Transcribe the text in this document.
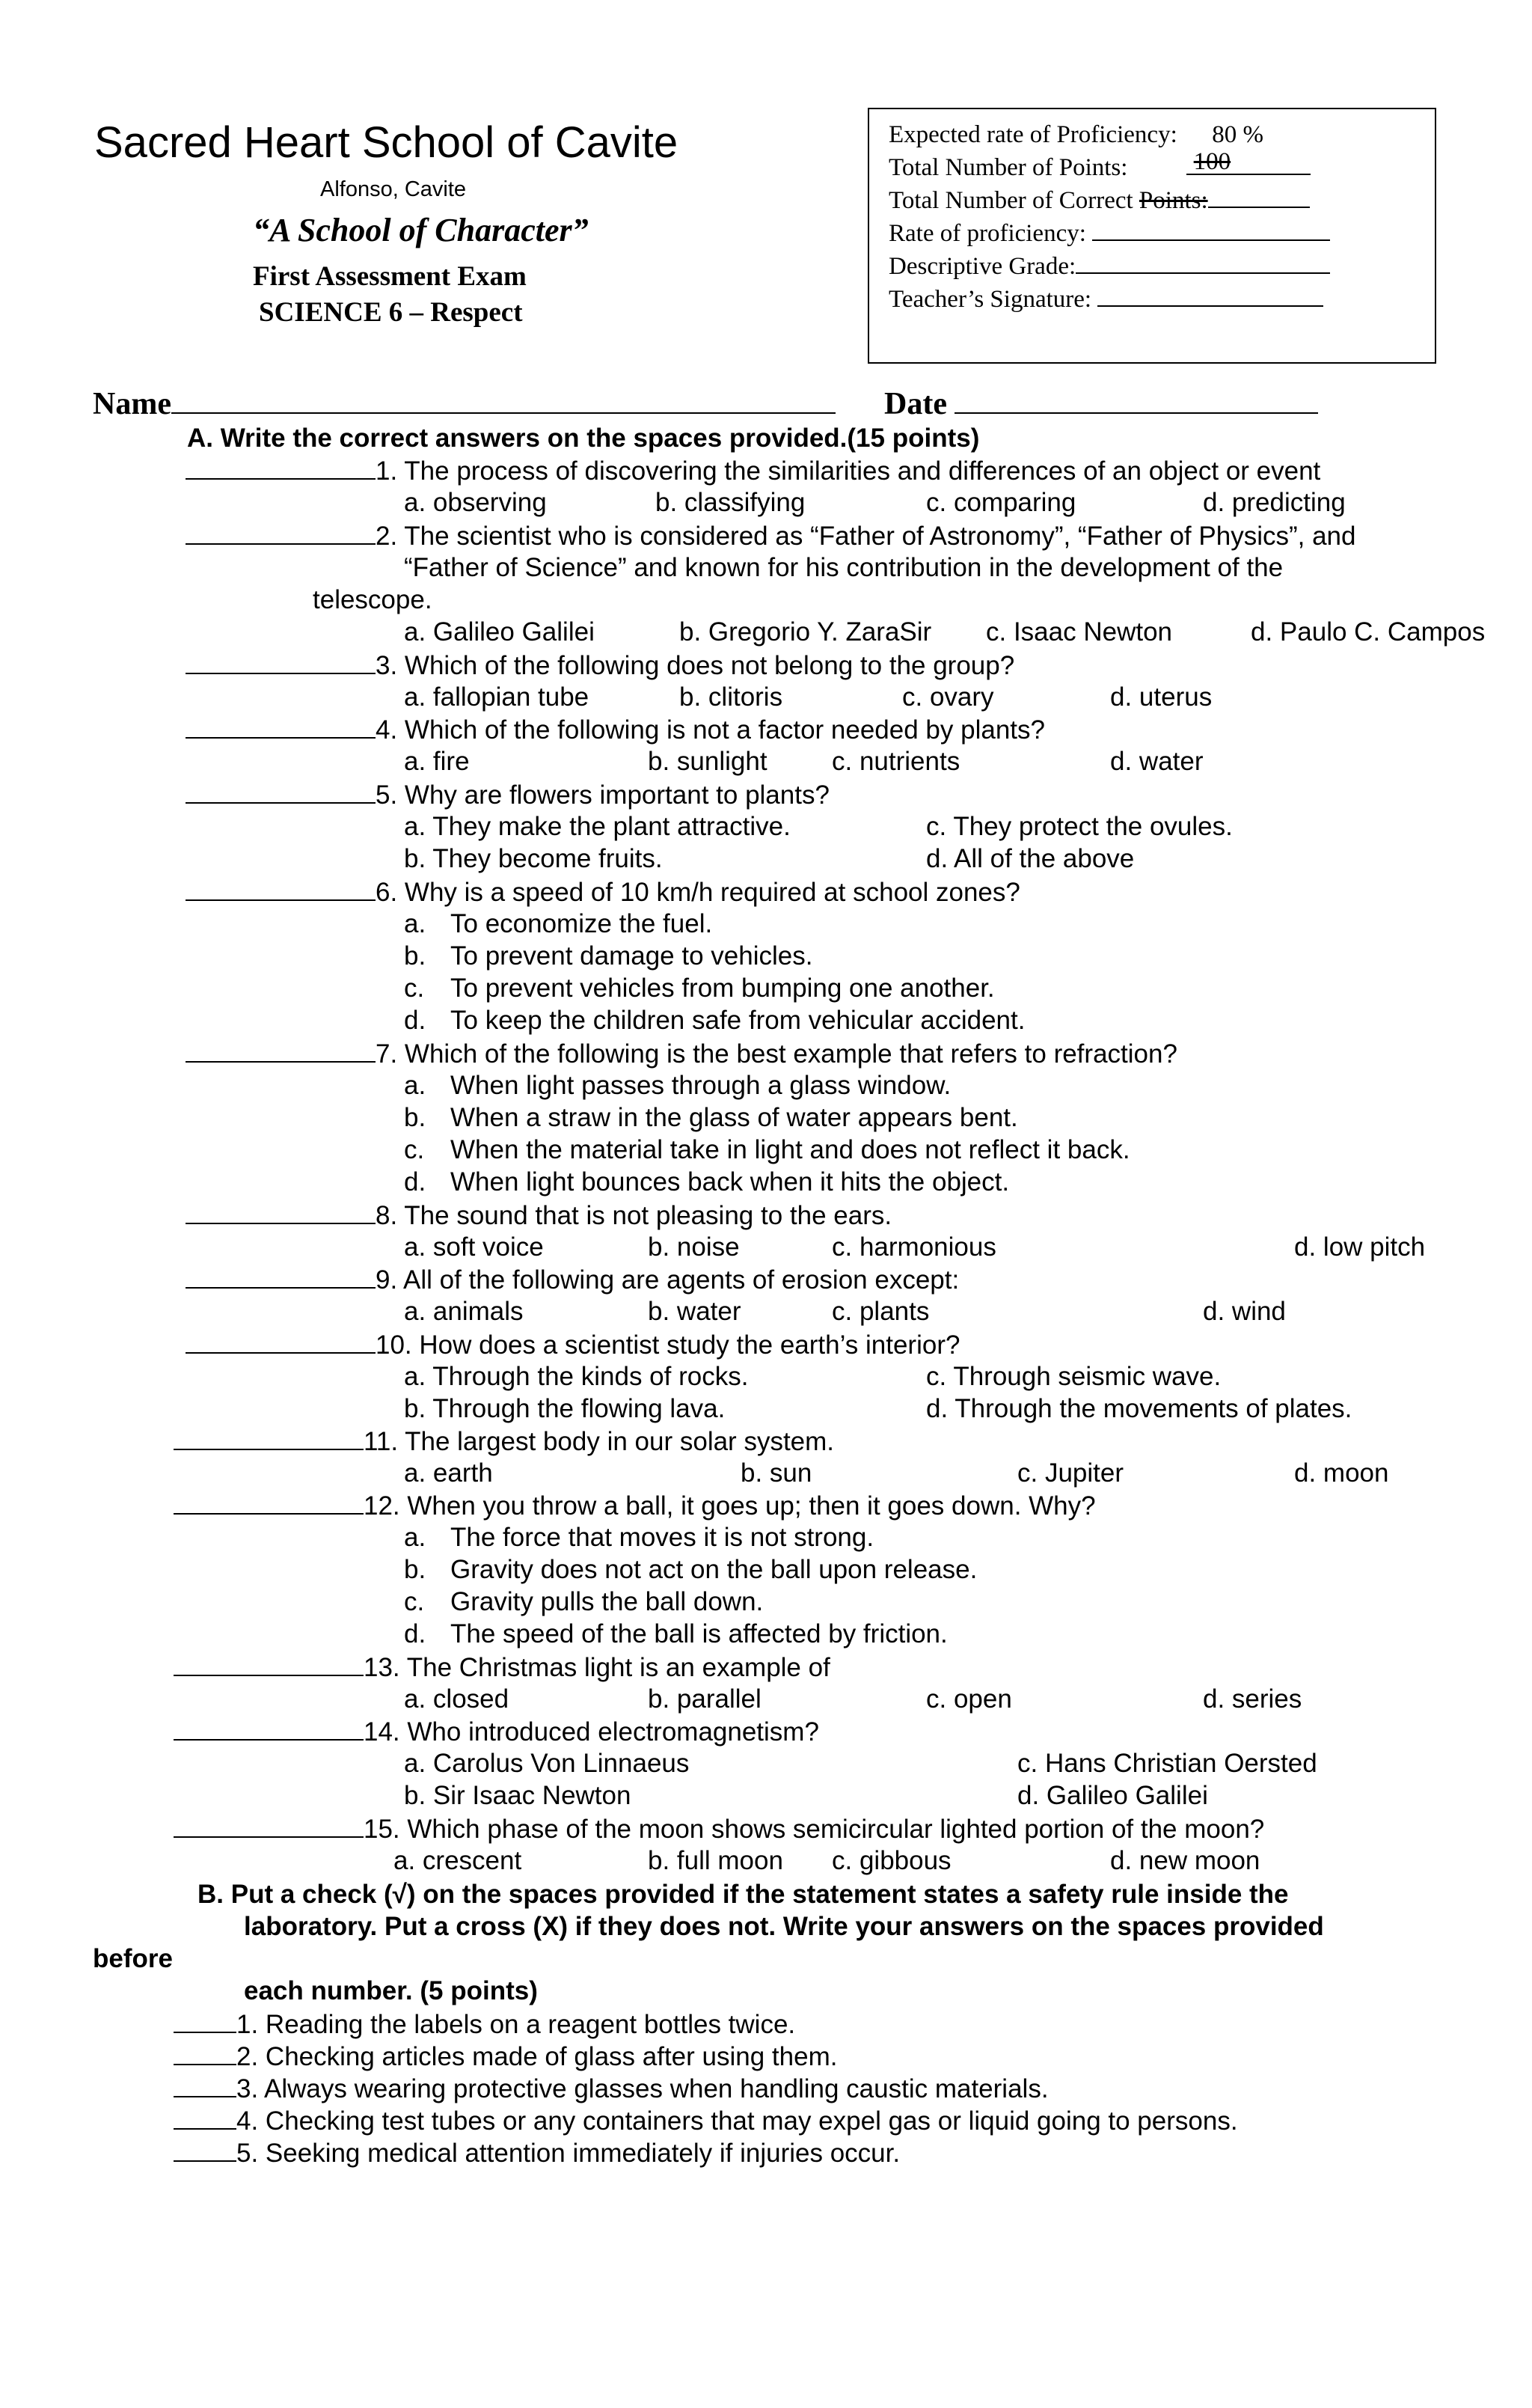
Sacred Heart School of Cavite
Alfonso, Cavite
“A School of Character”
First Assessment Exam
SCIENCE 6 – Respect
Expected rate of Proficiency: 80 %
Total Number of Points:	100
Total Number of Correct Points:
Rate of proficiency:
Descriptive Grade:
Teacher’s Signature:
Name	Date
A. Write the correct answers on the spaces provided.(15 points)
1. The process of discovering the similarities and differences of an object or event
a. observing	b. classifying	c. comparing	d. predicting
2. The scientist who is considered as “Father of Astronomy”, “Father of Physics”, and
“Father of Science” and known for his contribution in the development of the
telescope.
a. Galileo Galilei	b. Gregorio Y. ZaraSir c. Isaac Newton	d. Paulo C. Campos
3. Which of the following does not belong to the group?
a. fallopian tube	b. clitoris	c. ovary	d. uterus
4. Which of the following is not a factor needed by plants?
a. fire	b. sunlight c. nutrients	d. water
5. Why are flowers important to plants?
a. They make the plant attractive.	c. They protect the ovules.
b. They become fruits.	d. All of the above
6. Why is a speed of 10 km/h required at school zones?
a. To economize the fuel.
b. To prevent damage to vehicles.
c. To prevent vehicles from bumping one another.
d. To keep the children safe from vehicular accident.
7. Which of the following is the best example that refers to refraction?
a. When light passes through a glass window.
b. When a straw in the glass of water appears bent.
c. When the material take in light and does not reflect it back.
d. When light bounces back when it hits the object.
8. The sound that is not pleasing to the ears.
a. soft voice	b. noise	c. harmonious	d. low pitch
9. All of the following are agents of erosion except:
a. animals	b. water	c. plants	d. wind
10. How does a scientist study the earth’s interior?
a. Through the kinds of rocks.	c. Through seismic wave.
b. Through the flowing lava.	d. Through the movements of plates.
11. The largest body in our solar system.
a. earth	b. sun	c. Jupiter	d. moon
12. When you throw a ball, it goes up; then it goes down. Why?
a. The force that moves it is not strong.
b. Gravity does not act on the ball upon release.
c. Gravity pulls the ball down.
d. The speed of the ball is affected by friction.
13. The Christmas light is an example of
a. closed	b. parallel	c. open	d. series
14. Who introduced electromagnetism?
a. Carolus Von Linnaeus	c. Hans Christian Oersted
b. Sir Isaac Newton	d. Galileo Galilei
15. Which phase of the moon shows semicircular lighted portion of the moon?
a. crescent	b. full moon c. gibbous	d. new moon
B. Put a check (√) on the spaces provided if the statement states a safety rule inside the
laboratory. Put a cross (X) if they does not. Write your answers on the spaces provided
before
each number. (5 points)
1. Reading the labels on a reagent bottles twice.
2. Checking articles made of glass after using them.
3. Always wearing protective glasses when handling caustic materials.
4. Checking test tubes or any containers that may expel gas or liquid going to persons.
5. Seeking medical attention immediately if injuries occur.
